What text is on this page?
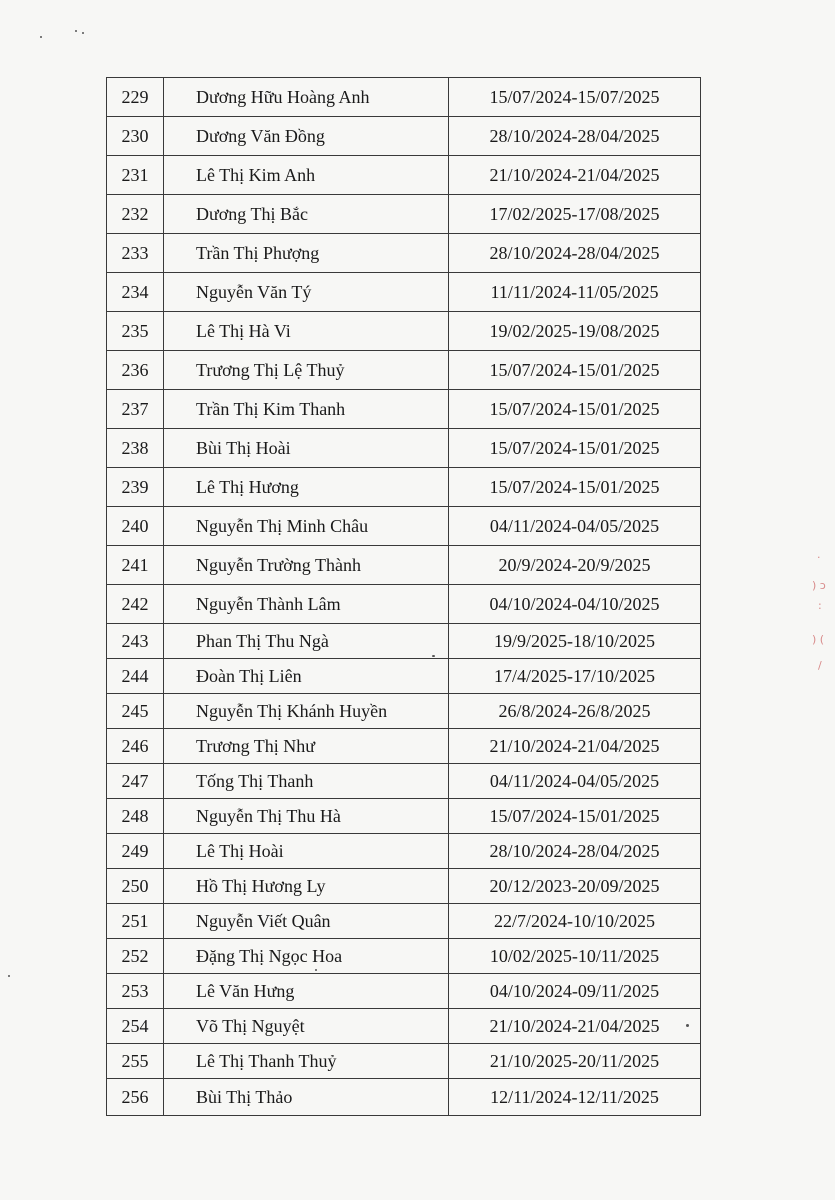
·
) ↄ
:
) (
/
229	Dương Hữu Hoàng Anh	15/07/2024-15/07/2025
230	Dương Văn Đồng	28/10/2024-28/04/2025
231	Lê Thị Kim Anh	21/10/2024-21/04/2025
232	Dương Thị Bắc	17/02/2025-17/08/2025
233	Trần Thị Phượng	28/10/2024-28/04/2025
234	Nguyễn Văn Tý	11/11/2024-11/05/2025
235	Lê Thị Hà Vi	19/02/2025-19/08/2025
236	Trương Thị Lệ Thuỷ	15/07/2024-15/01/2025
237	Trần Thị Kim Thanh	15/07/2024-15/01/2025
238	Bùi Thị Hoài	15/07/2024-15/01/2025
239	Lê Thị Hương	15/07/2024-15/01/2025
240	Nguyễn Thị Minh Châu	04/11/2024-04/05/2025
241	Nguyễn Trường Thành	20/9/2024-20/9/2025
242	Nguyễn Thành Lâm	04/10/2024-04/10/2025
243	Phan Thị Thu Ngà	19/9/2025-18/10/2025
244	Đoàn Thị Liên	17/4/2025-17/10/2025
245	Nguyễn Thị Khánh Huyền	26/8/2024-26/8/2025
246	Trương Thị Như	21/10/2024-21/04/2025
247	Tống Thị Thanh	04/11/2024-04/05/2025
248	Nguyễn Thị Thu Hà	15/07/2024-15/01/2025
249	Lê Thị Hoài	28/10/2024-28/04/2025
250	Hồ Thị Hương Ly	20/12/2023-20/09/2025
251	Nguyễn Viết Quân	22/7/2024-10/10/2025
252	Đặng Thị Ngọc Hoa	10/02/2025-10/11/2025
253	Lê Văn Hưng	04/10/2024-09/11/2025
254	Võ Thị Nguyệt	21/10/2024-21/04/2025
255	Lê Thị Thanh Thuỷ	21/10/2025-20/11/2025
256	Bùi Thị Thảo	12/11/2024-12/11/2025
